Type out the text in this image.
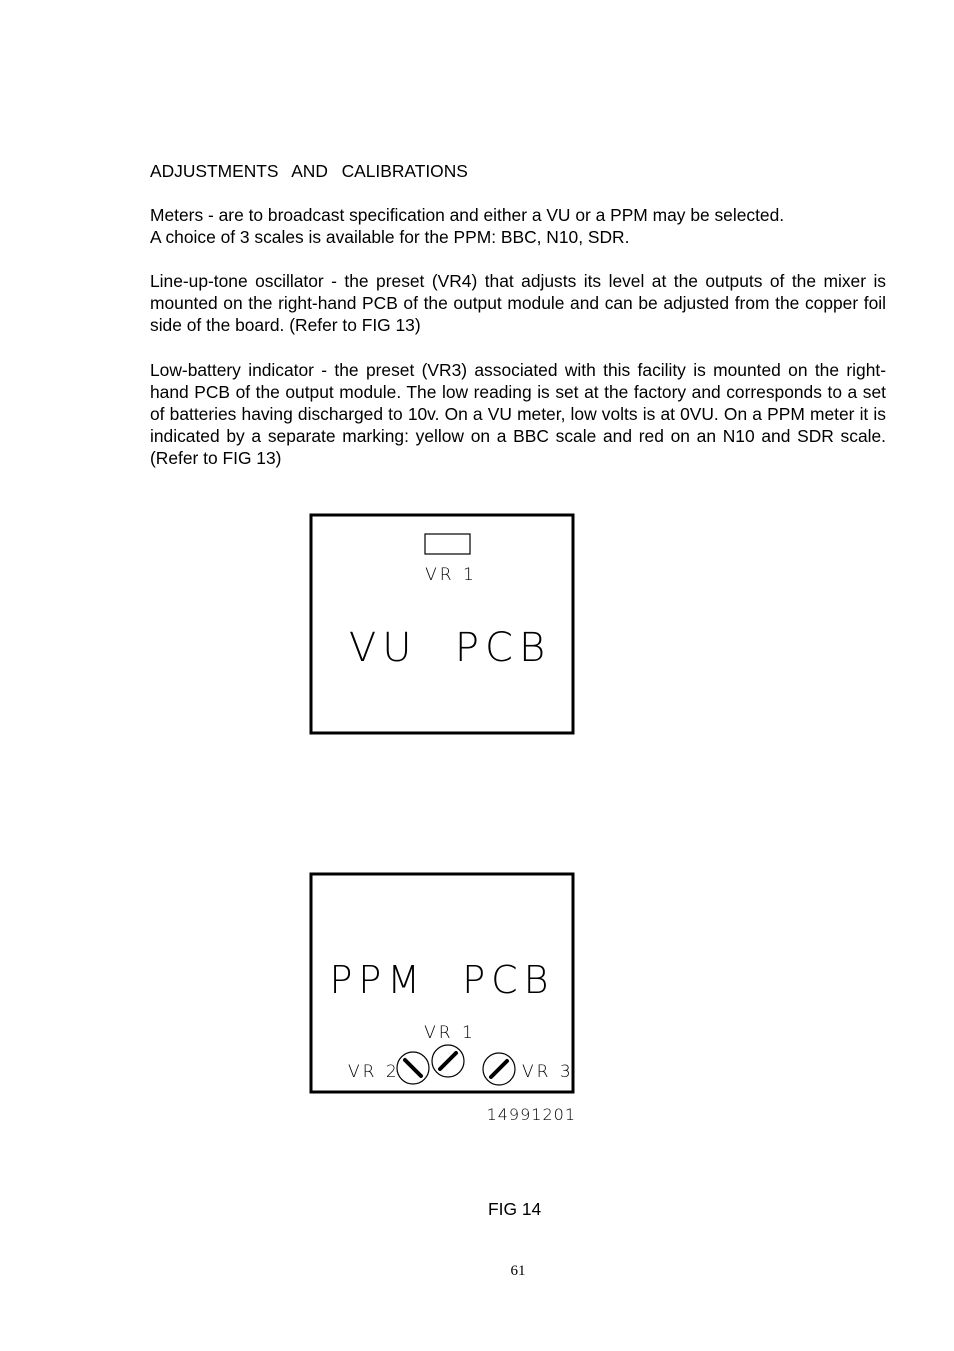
ADJUSTMENTS  AND  CALIBRATIONS
Meters - are to broadcast specification and either a VU or a PPM may be selected.
A choice of 3 scales is available for the PPM: BBC, N10, SDR.
Line-up-tone oscillator - the preset (VR4) that adjusts its level at the outputs of the mixer is mounted on the right-hand PCB of the output module and can be adjusted from the copper foil side of the board. (Refer to FIG 13)
Low-battery indicator - the preset (VR3) associated with this facility is mounted on the right-hand PCB of the output module. The low reading is set at the factory and corresponds to a set of batteries having discharged to 10v. On a VU meter, low volts is at 0VU. On a PPM meter it is indicated by a separate marking: yellow on a BBC scale and red on an N10 and SDR scale. (Refer to FIG 13)
VR 1
VU  PCB
PPM  PCB
VR 1
VR 2	VR 3
14991201
FIG 14
61
